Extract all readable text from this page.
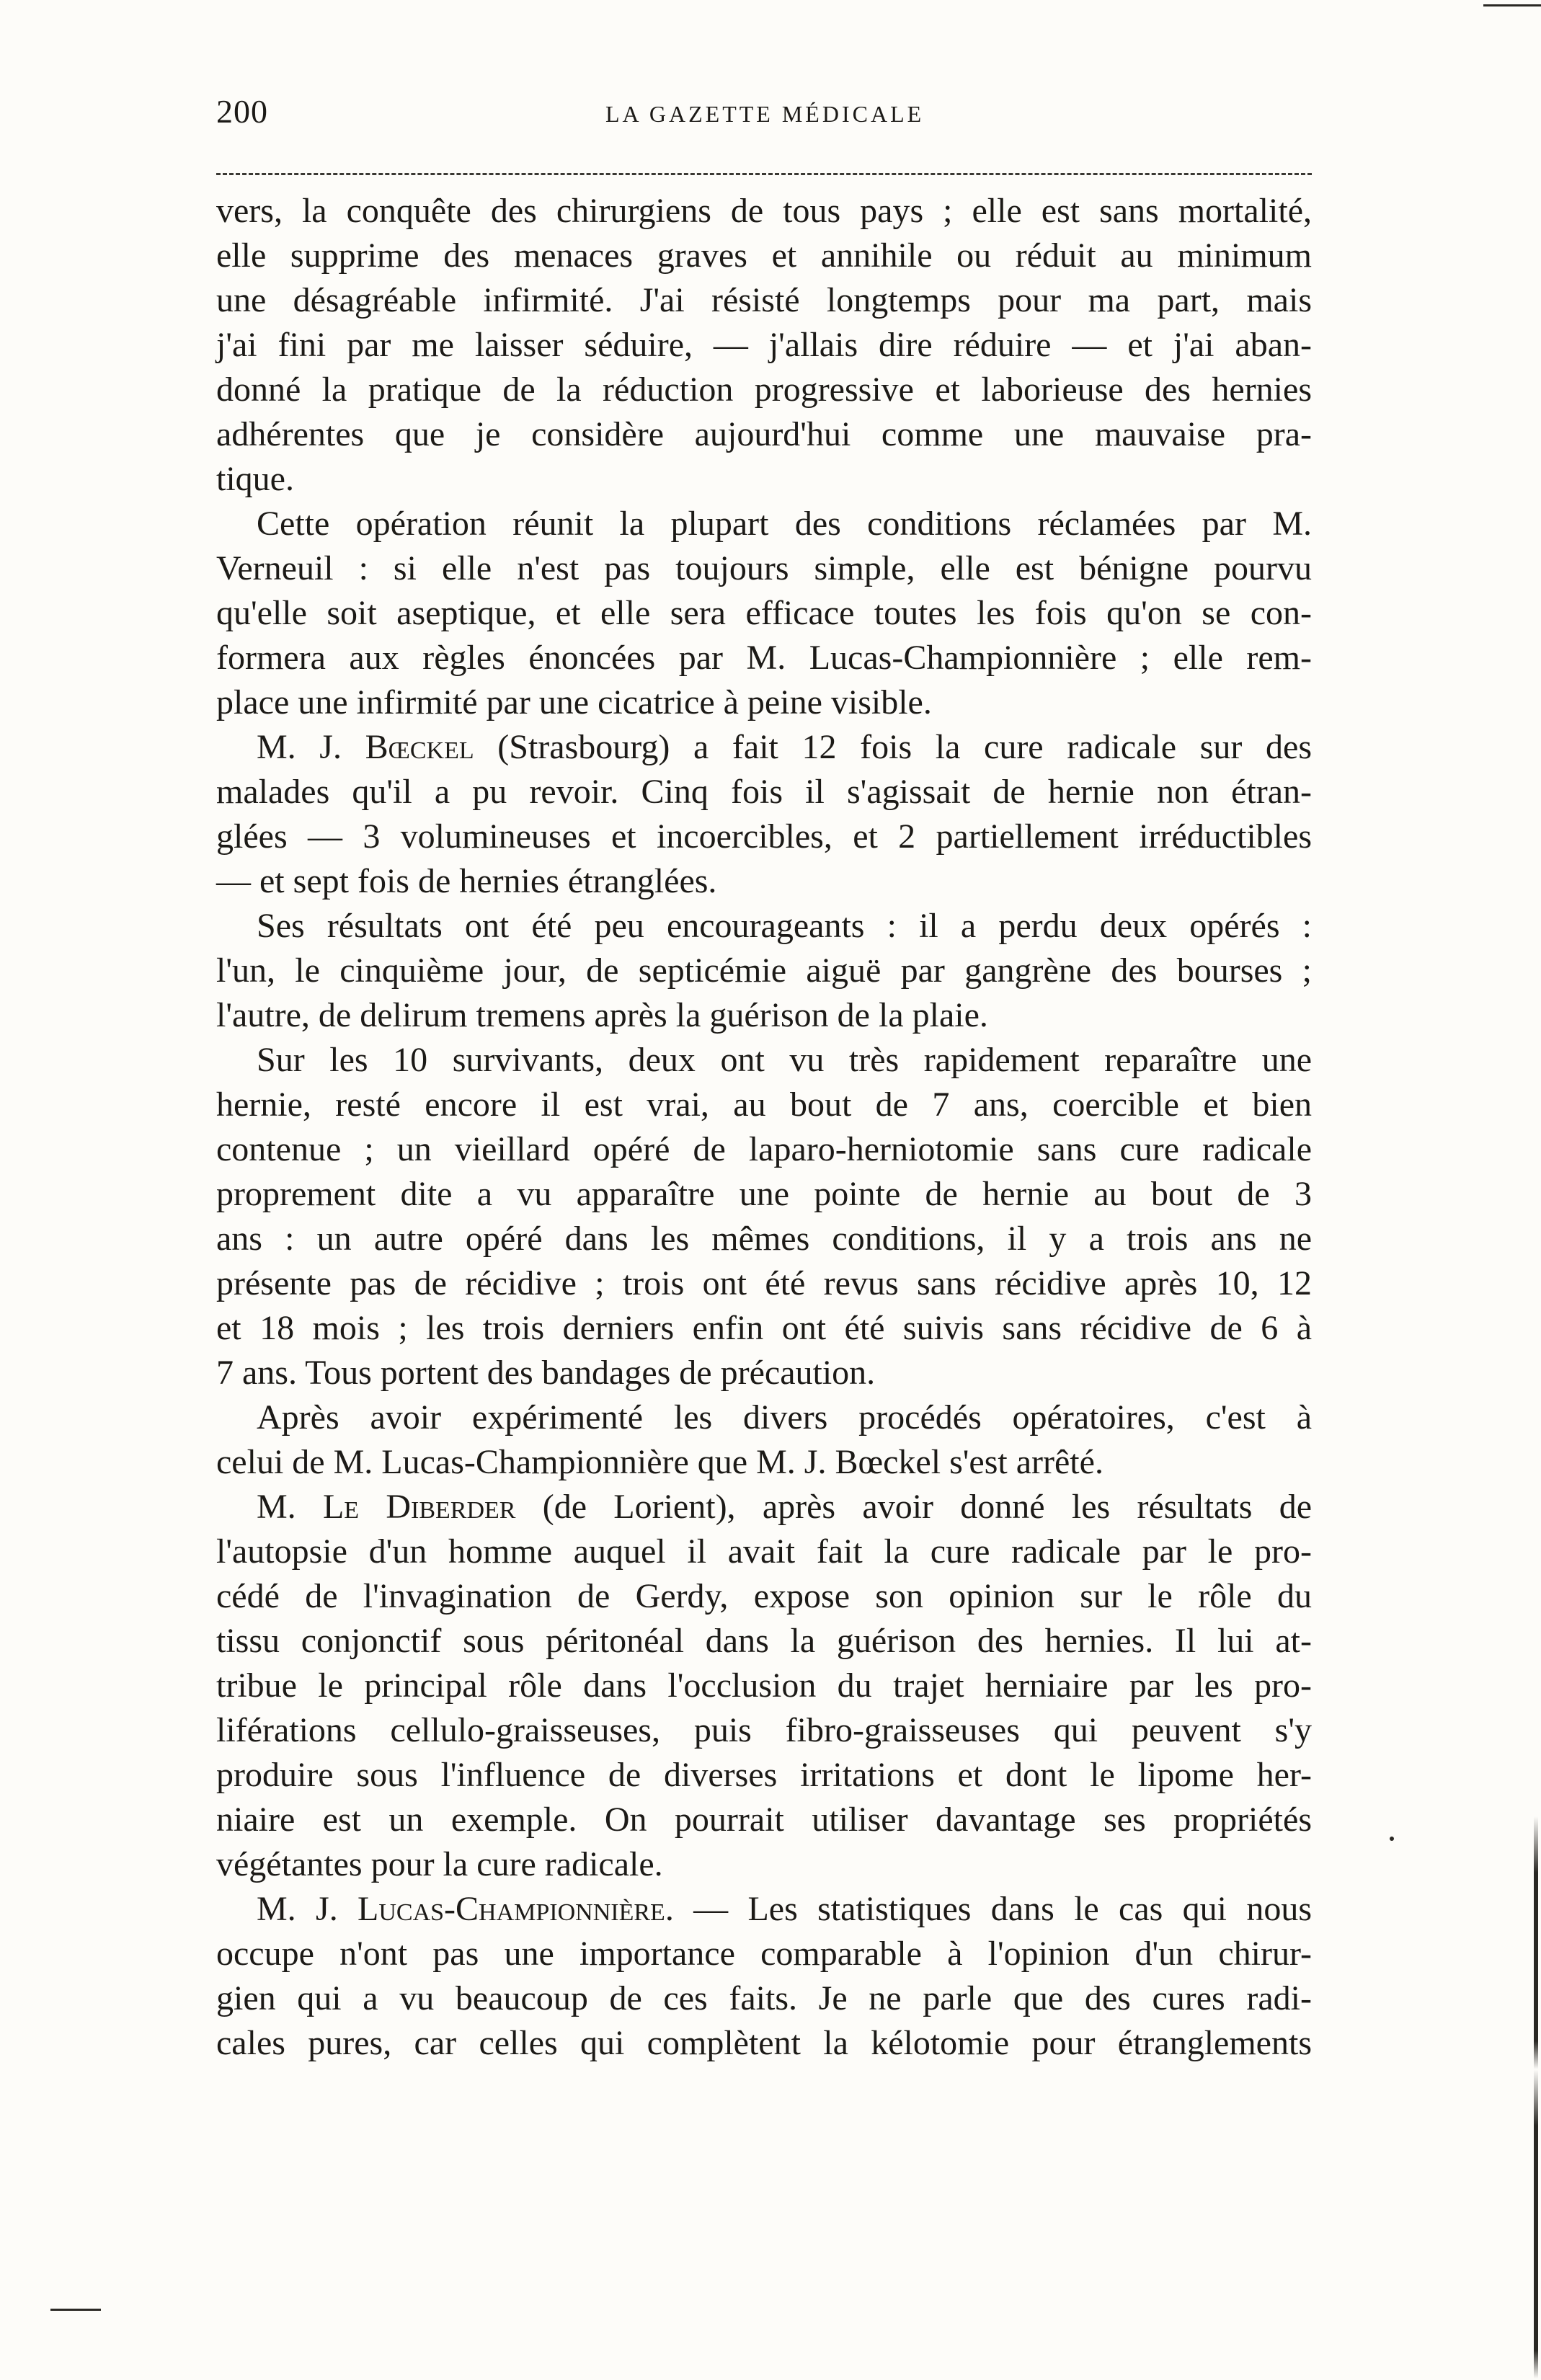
200	LA GAZETTE MÉDICALE
vers, la conquête des chirurgiens de tous pays ; elle est sans mortalité,
elle supprime des menaces graves et annihile ou réduit au minimum
une désagréable infirmité. J'ai résisté longtemps pour ma part, mais
j'ai fini par me laisser séduire, — j'allais dire réduire — et j'ai aban-
donné la pratique de la réduction progressive et laborieuse des hernies
adhérentes que je considère aujourd'hui comme une mauvaise pra-
tique.
Cette opération réunit la plupart des conditions réclamées par M.
Verneuil : si elle n'est pas toujours simple, elle est bénigne pourvu
qu'elle soit aseptique, et elle sera efficace toutes les fois qu'on se con-
formera aux règles énoncées par M. Lucas-Championnière ; elle rem-
place une infirmité par une cicatrice à peine visible.
M. J. Bœckel (Strasbourg) a fait 12 fois la cure radicale sur des
malades qu'il a pu revoir. Cinq fois il s'agissait de hernie non étran-
glées — 3 volumineuses et incoercibles, et 2 partiellement irréductibles
— et sept fois de hernies étranglées.
Ses résultats ont été peu encourageants : il a perdu deux opérés :
l'un, le cinquième jour, de septicémie aiguë par gangrène des bourses ;
l'autre, de delirum tremens après la guérison de la plaie.
Sur les 10 survivants, deux ont vu très rapidement reparaître une
hernie, resté encore il est vrai, au bout de 7 ans, coercible et bien
contenue ; un vieillard opéré de laparo-herniotomie sans cure radicale
proprement dite a vu apparaître une pointe de hernie au bout de 3
ans : un autre opéré dans les mêmes conditions, il y a trois ans ne
présente pas de récidive ; trois ont été revus sans récidive après 10, 12
et 18 mois ; les trois derniers enfin ont été suivis sans récidive de 6 à
7 ans. Tous portent des bandages de précaution.
Après avoir expérimenté les divers procédés opératoires, c'est à
celui de M. Lucas-Championnière que M. J. Bœckel s'est arrêté.
M. Le Diberder (de Lorient), après avoir donné les résultats de
l'autopsie d'un homme auquel il avait fait la cure radicale par le pro-
cédé de l'invagination de Gerdy, expose son opinion sur le rôle du
tissu conjonctif sous péritonéal dans la guérison des hernies. Il lui at-
tribue le principal rôle dans l'occlusion du trajet herniaire par les pro-
liférations cellulo-graisseuses, puis fibro-graisseuses qui peuvent s'y
produire sous l'influence de diverses irritations et dont le lipome her-
niaire est un exemple. On pourrait utiliser davantage ses propriétés
végétantes pour la cure radicale.
M. J. Lucas-Championnière. — Les statistiques dans le cas qui nous
occupe n'ont pas une importance comparable à l'opinion d'un chirur-
gien qui a vu beaucoup de ces faits. Je ne parle que des cures radi-
cales pures, car celles qui complètent la kélotomie pour étranglements
